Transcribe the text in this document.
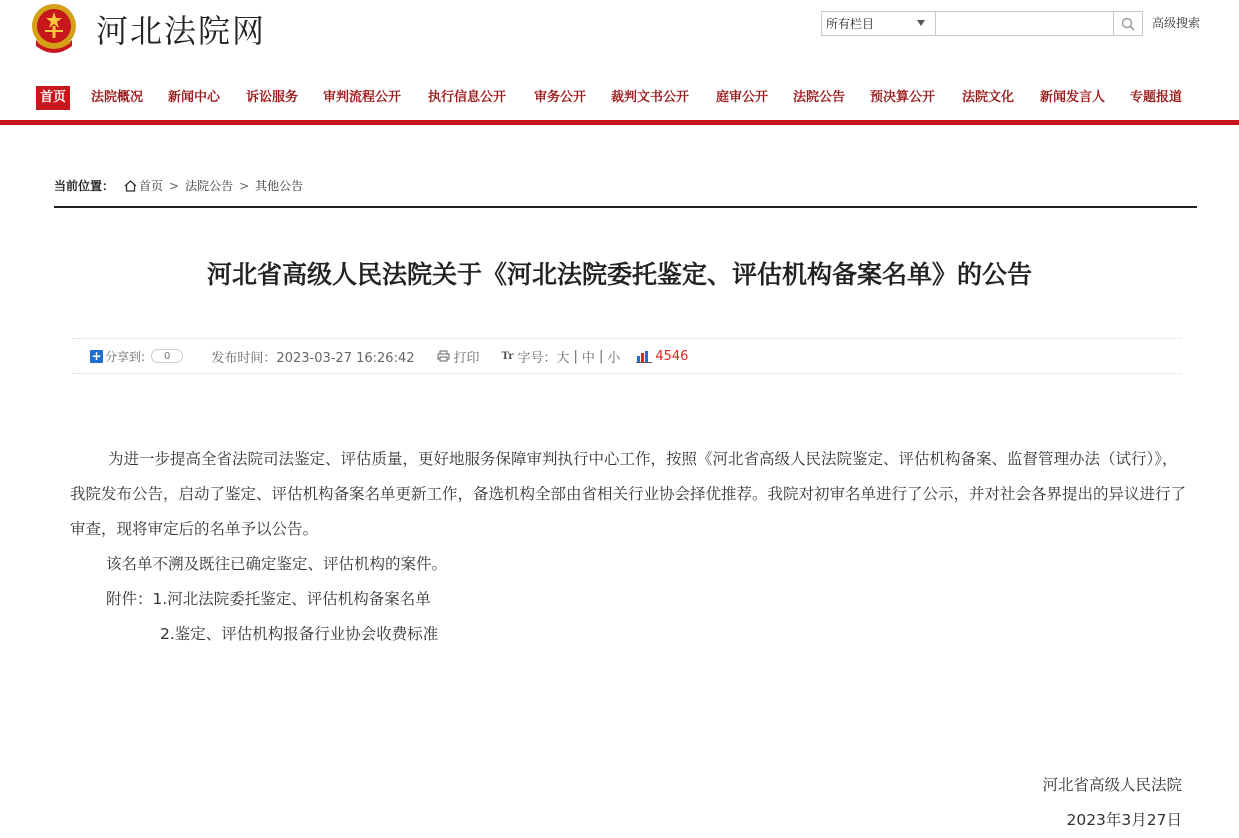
河北法院网	所有栏目	高级搜索
首页	法院概况 新闻中心 诉讼服务 审判流程公开 执行信息公开 审务公开 裁判文书公开 庭审公开 法院公告 预决算公开 法院文化 新闻发言人 专题报道
当前位置： 首页 > 法院公告 > 其他公告
河北省高级人民法院关于《河北法院委托鉴定、评估机构备案名单》的公告
+ 分享到:	0	发布时间：2023-03-27 16:26:42	打印 Tr 字号： 大 | 中 | 小	4546

为进一步提高全省法院司法鉴定、评估质量，更好地服务保障审判执行中心工作，按照《河北省高级人民法院鉴定、评估机构备案、监督管理办法（试行）》，我院发布公告，启动了鉴定、评估机构备案名单更新工作，备选机构全部由省相关行业协会择优推荐。我院对初审名单进行了公示，并对社会各界提出的异议进行了审查，现将审定后的名单予以公告。

该名单不溯及既往已确定鉴定、评估机构的案件。

附件：1.河北法院委托鉴定、评估机构备案名单

2.鉴定、评估机构报备行业协会收费标准

河北省高级人民法院
2023年3月27日
